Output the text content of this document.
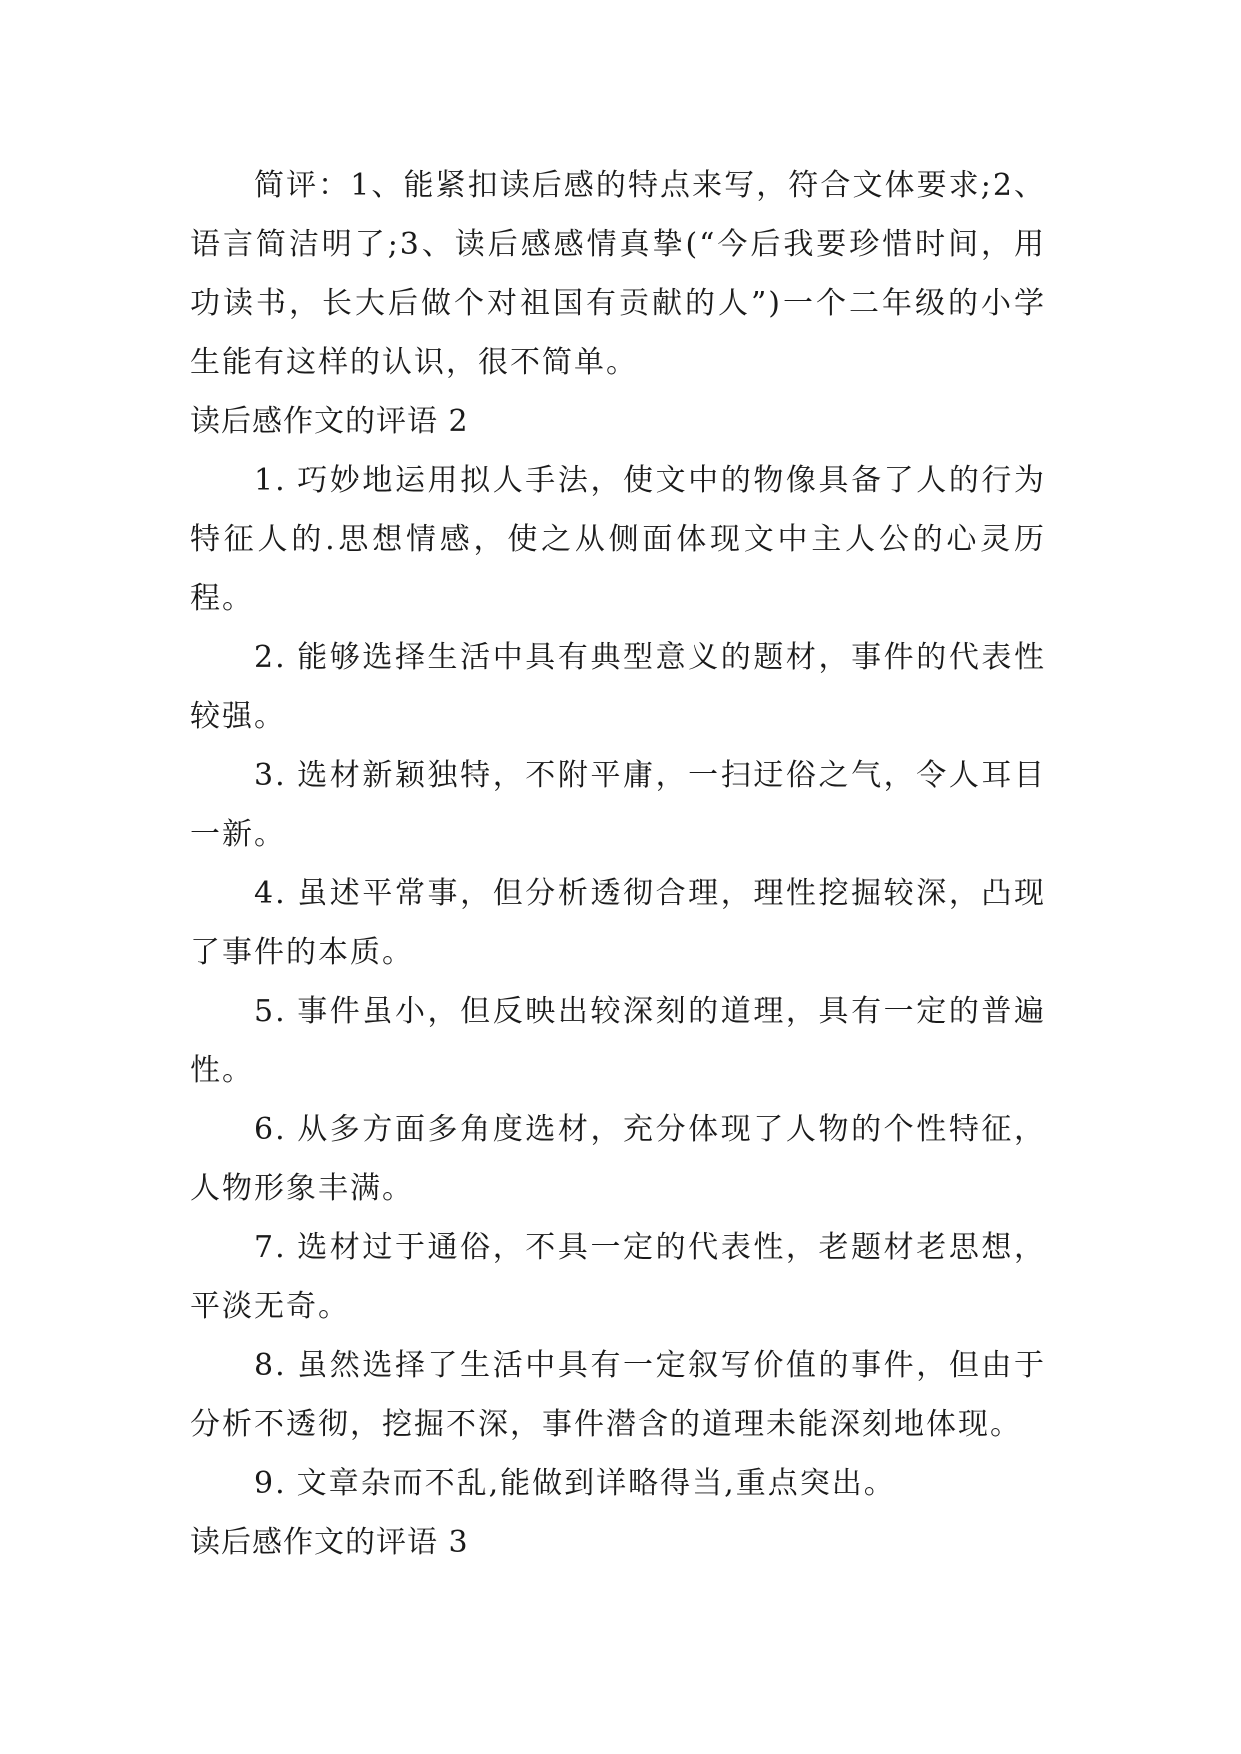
简评：1、能紧扣读后感的特点来写，符合文体要求;2、语言简洁明了;3、读后感感情真挚(“今后我要珍惜时间，用功读书，长大后做个对祖国有贡献的人”)一个二年级的小学生能有这样的认识，很不简单。

读后感作文的评语 2

1. 巧妙地运用拟人手法，使文中的物像具备了人的行为特征人的.思想情感，使之从侧面体现文中主人公的心灵历程。

2. 能够选择生活中具有典型意义的题材，事件的代表性较强。

3. 选材新颖独特，不附平庸，一扫迂俗之气，令人耳目一新。

4. 虽述平常事，但分析透彻合理，理性挖掘较深，凸现了事件的本质。

5. 事件虽小，但反映出较深刻的道理，具有一定的普遍性。

6. 从多方面多角度选材，充分体现了人物的个性特征，人物形象丰满。

7. 选材过于通俗，不具一定的代表性，老题材老思想，平淡无奇。

8. 虽然选择了生活中具有一定叙写价值的事件，但由于分析不透彻，挖掘不深，事件潜含的道理未能深刻地体现。

9. 文章杂而不乱,能做到详略得当,重点突出。

读后感作文的评语 3
